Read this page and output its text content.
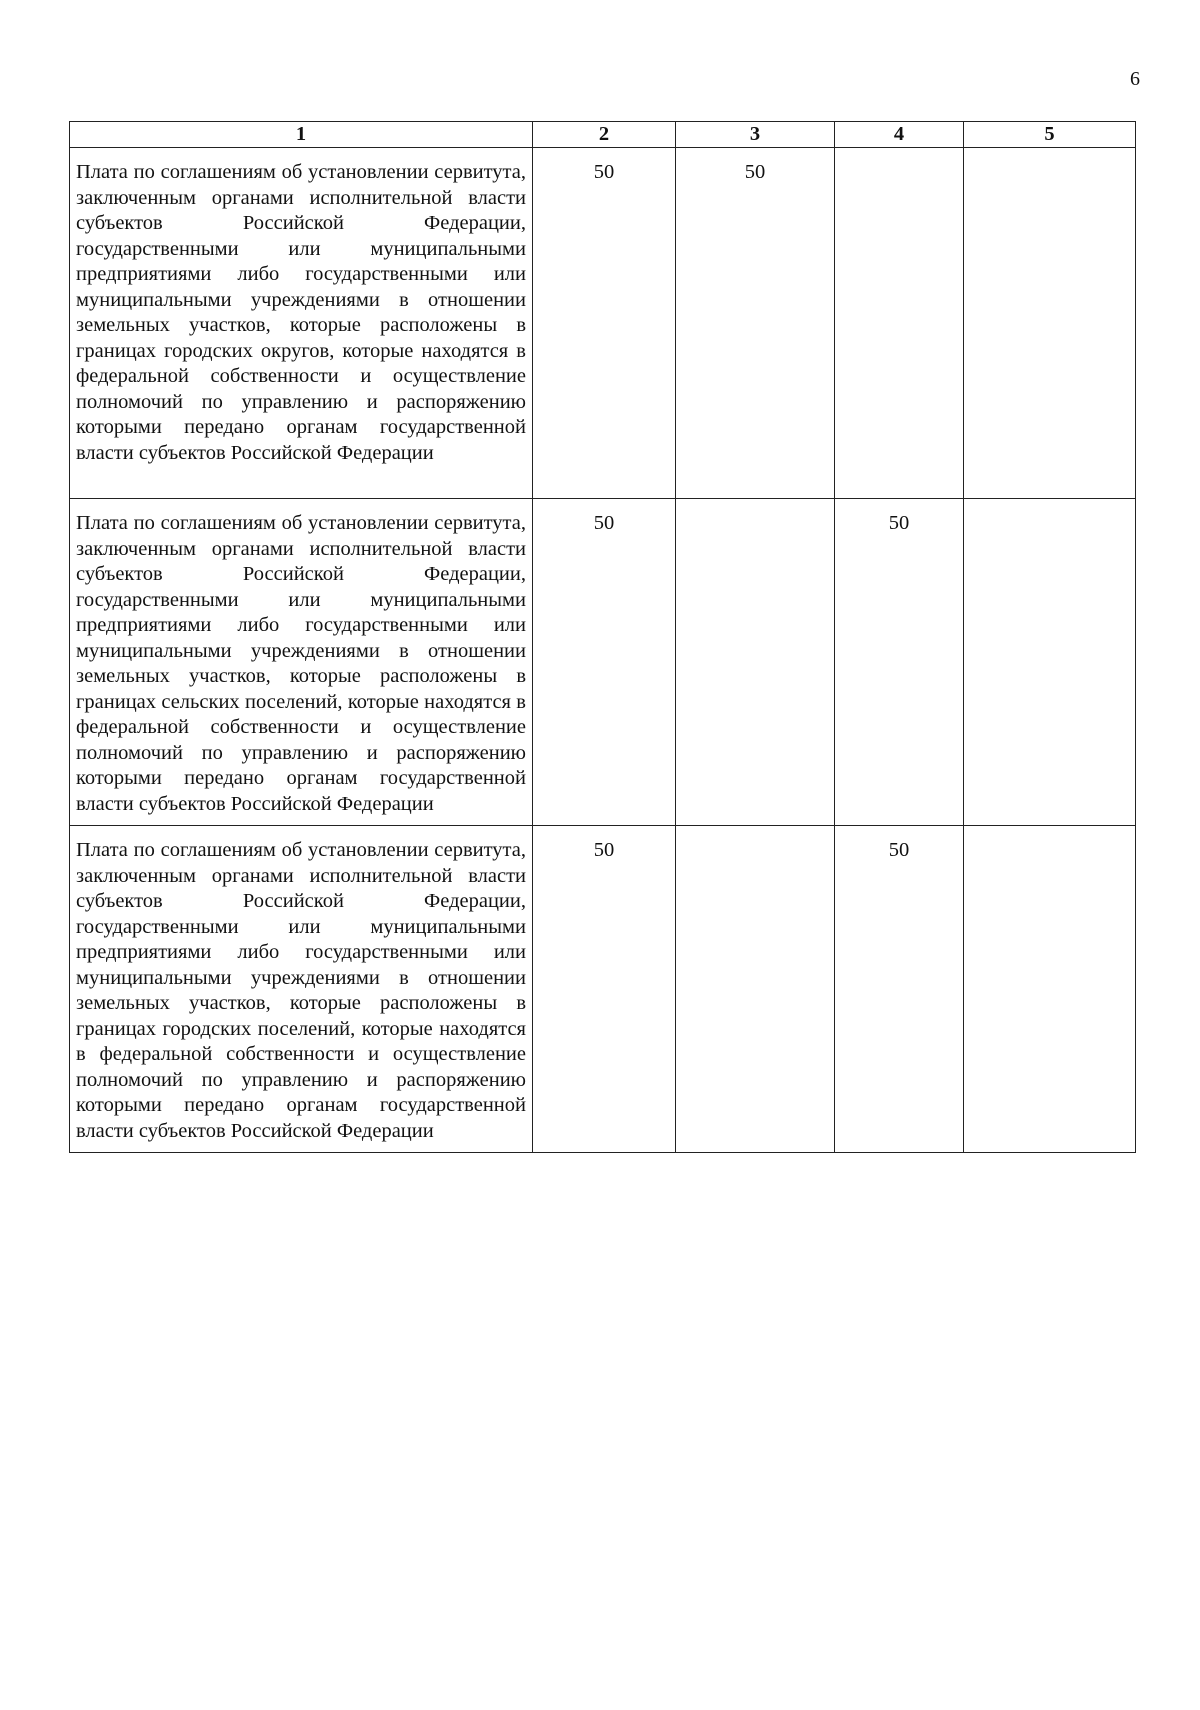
6
1	2	3	4	5
Плата по соглашениям об установлении сервитута, заключенным органами исполнительной власти субъектов Российской Федерации, государственными или муниципальными предприятиями либо государственными или муниципальными учреждениями в отношении земельных участков, которые расположены в границах городских округов, которые находятся в федеральной собственности и осуществление полномочий по управлению и распоряжению которыми передано органам государственной власти субъектов Российской Федерации	50	50		
Плата по соглашениям об установлении сервитута, заключенным органами исполнительной власти субъектов Российской Федерации, государственными или муниципальными предприятиями либо государственными или муниципальными учреждениями в отношении земельных участков, которые расположены в границах сельских поселений, которые находятся в федеральной собственности и осуществление полномочий по управлению и распоряжению которыми передано органам государственной власти субъектов Российской Федерации	50		50	
Плата по соглашениям об установлении сервитута, заключенным органами исполнительной власти субъектов Российской Федерации, государственными или муниципальными предприятиями либо государственными или муниципальными учреждениями в отношении земельных участков, которые расположены в границах городских поселений, которые находятся в федеральной собственности и осуществление полномочий по управлению и распоряжению которыми передано органам государственной власти субъектов Российской Федерации	50		50	
